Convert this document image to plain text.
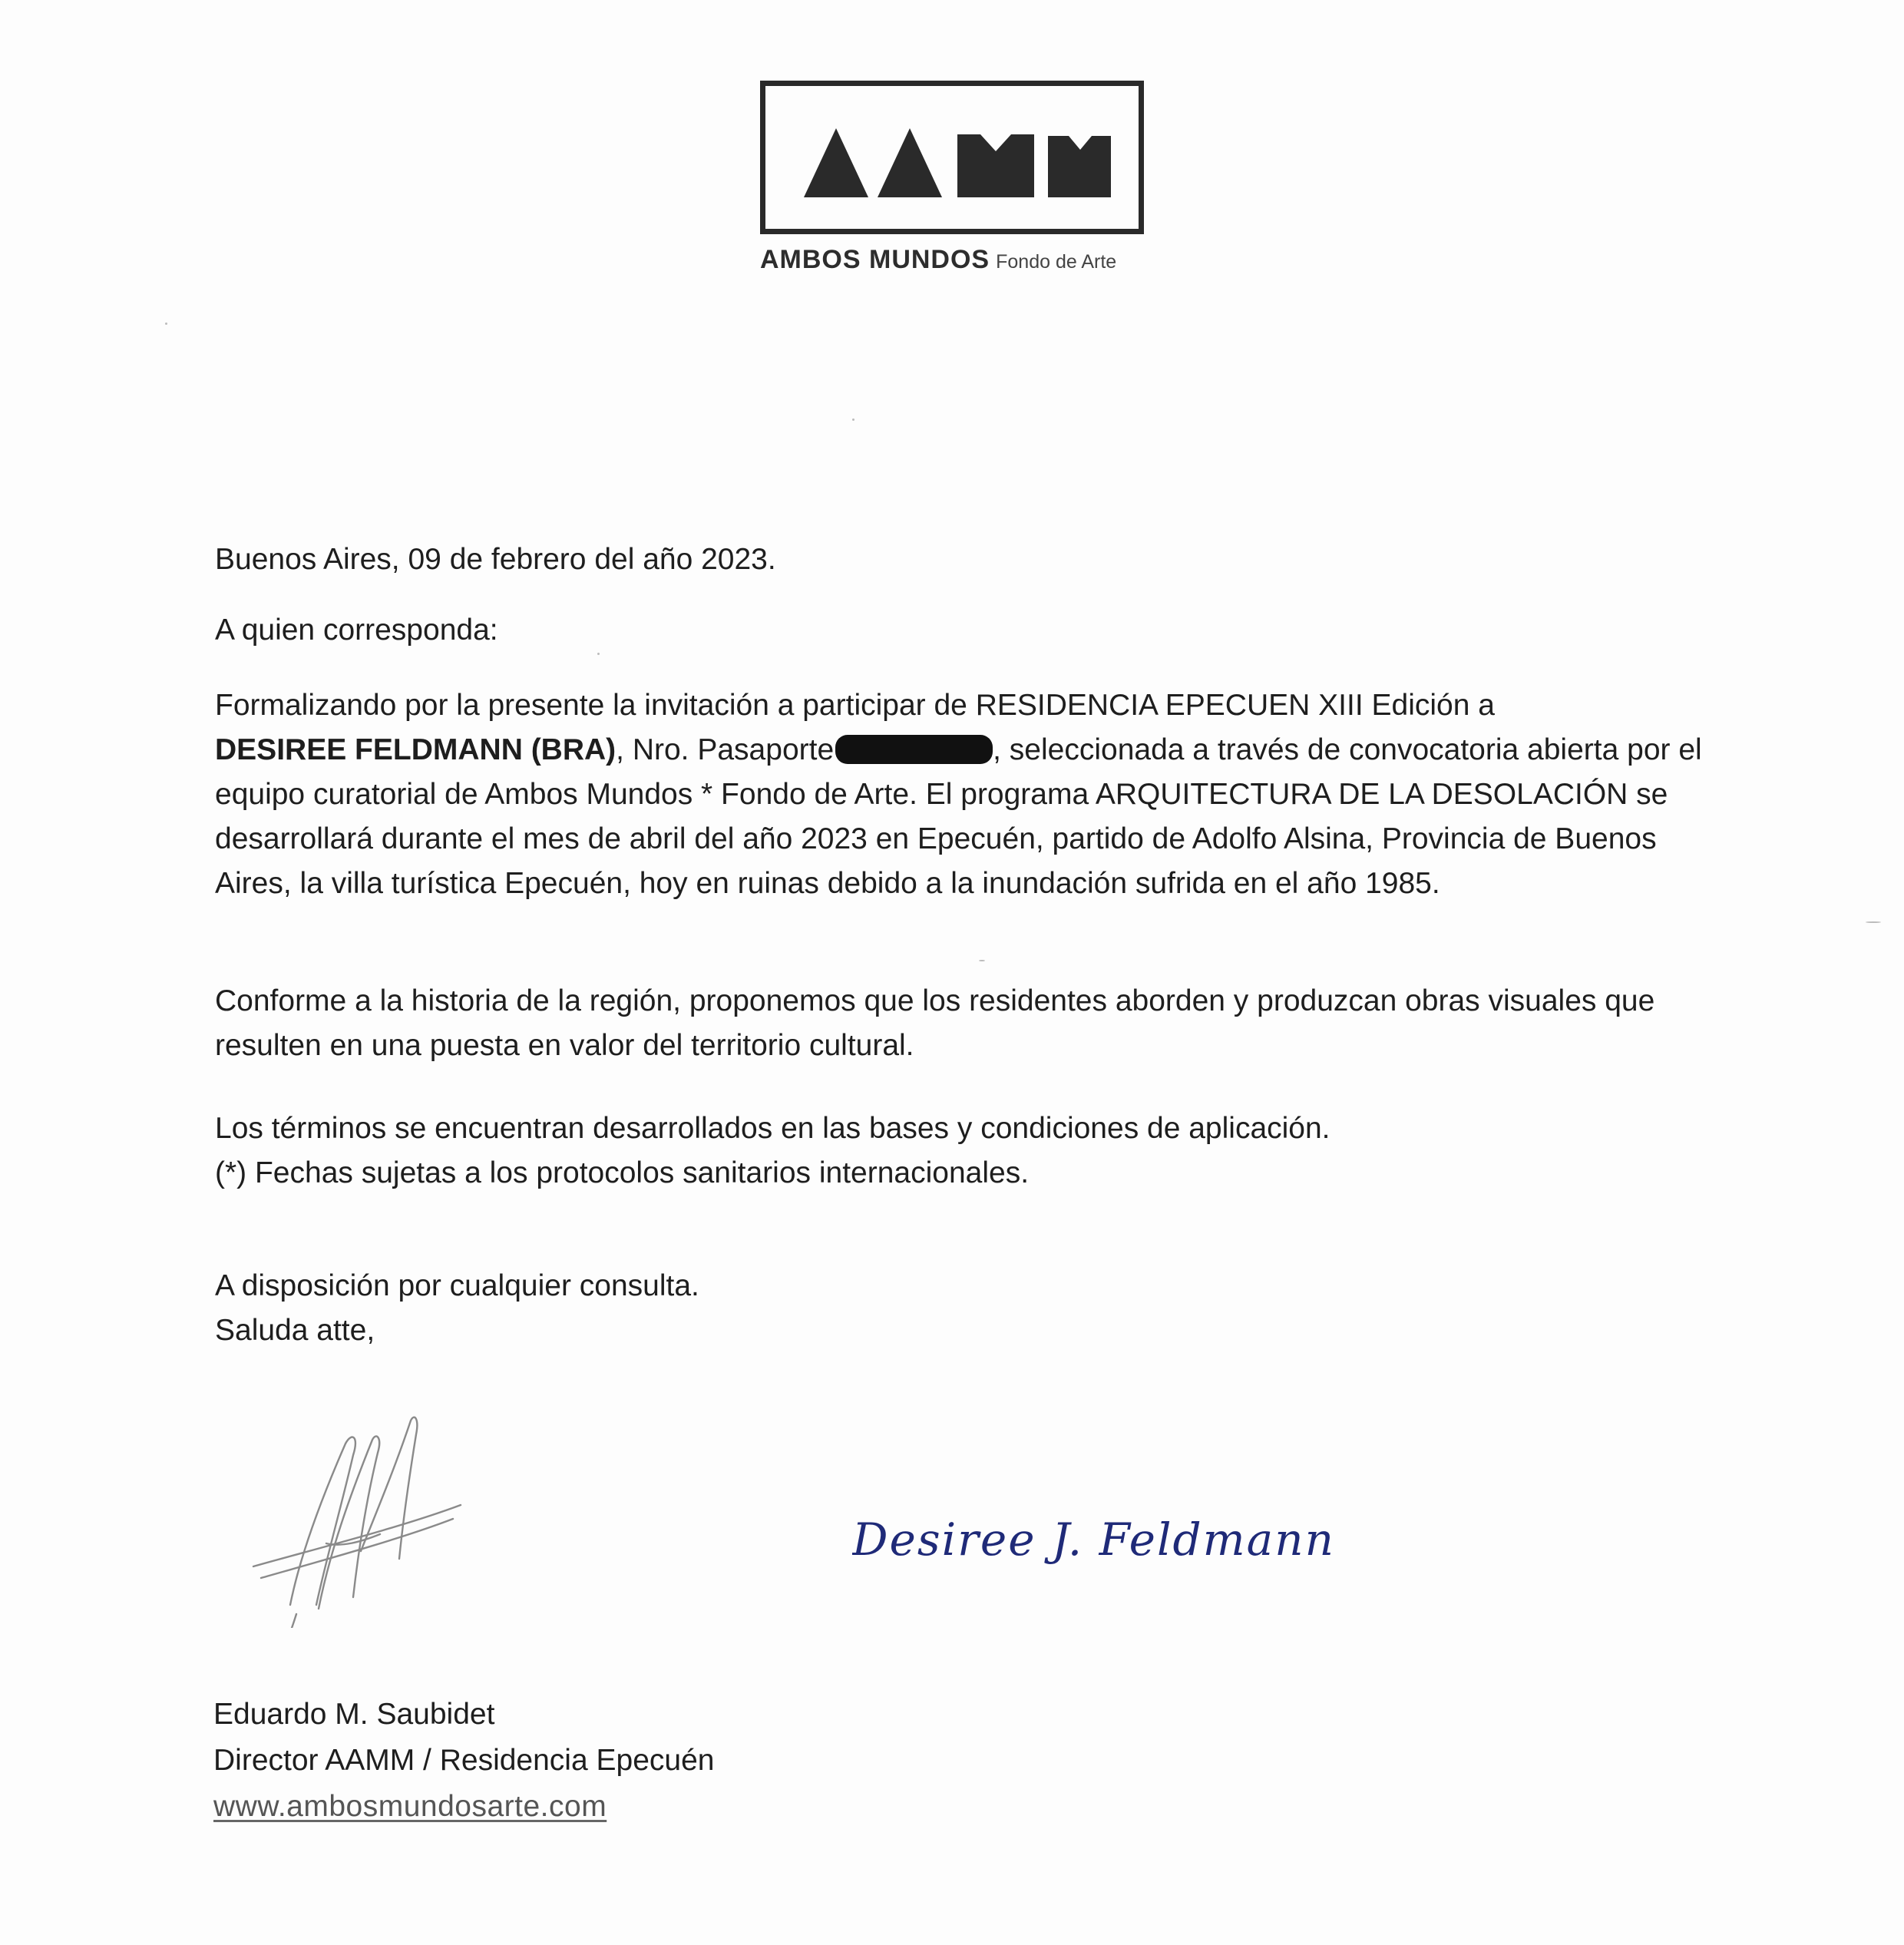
AMBOS MUNDOS Fondo de Arte
Buenos Aires, 09 de febrero del año 2023.
A quien corresponda:
Formalizando por la presente la invitación a participar de RESIDENCIA EPECUEN XIII Edición a
DESIREE FELDMANN (BRA), Nro. Pasaporte	, seleccionada a través de convocatoria abierta por el equipo curatorial de Ambos Mundos * Fondo de Arte. El programa ARQUITECTURA DE LA DESOLACIÓN se desarrollará durante el mes de abril del año 2023 en Epecuén, partido de Adolfo Alsina, Provincia de Buenos Aires, la villa turística Epecuén, hoy en ruinas debido a la inundación sufrida en el año 1985.
Conforme a la historia de la región, proponemos que los residentes aborden y produzcan obras visuales que resulten en una puesta en valor del territorio cultural.
Los términos se encuentran desarrollados en las bases y condiciones de aplicación.
(*) Fechas sujetas a los protocolos sanitarios internacionales.
A disposición por cualquier consulta.
Saluda atte,
Desiree J. Feldmann
Eduardo M. Saubidet
Director AAMM / Residencia Epecuén
www.ambosmundosarte.com
